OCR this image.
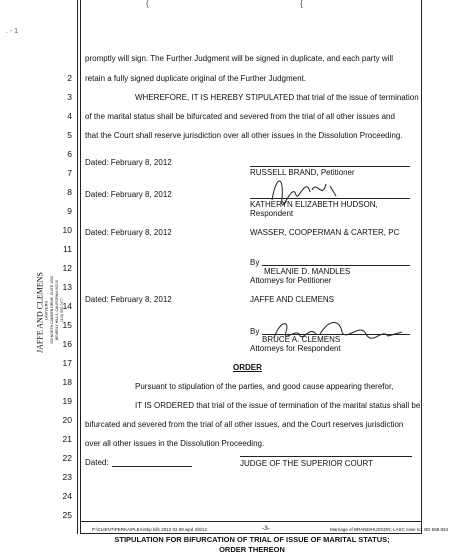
(	{
. - 1
JAFFE AND CLEMENS LAWYERS 433 NORTH CAMDEN DRIVE, SUITE 1000 BEVERLY HILLS, CALIFORNIA 90210 (310) 550-7477
2
3
4
5
6
7
8
9
10
11
12
13
14
15
16
17
18
19
20
21
22
23
24
25
promptly will sign. The Further Judgment will be signed in duplicate, and each party will
retain a fully signed duplicate original of the Further Judgment.
WHEREFORE, IT IS HEREBY STIPULATED that trial of the issue of termination
of the marital status shall be bifurcated and severed from the trial of all other issues and
that the Court shall reserve jurisdiction over all other issues in the Dissolution Proceeding.
Dated: February 8, 2012
RUSSELL BRAND, Petitioner
Dated: February 8, 2012
KATHERYN ELIZABETH HUDSON,
Respondent
Dated: February 8, 2012	WASSER, COOPERMAN & CARTER, PC
By
MELANIE D. MANDLES
Attorneys for Petitioner
Dated: February 8, 2012	JAFFE AND CLEMENS
By
BRUCE A. CLEMENS
Attorneys for Respondent
ORDER
Pursuant to stipulation of the parties, and good cause appearing therefor,
IT IS ORDERED that trial of the issue of termination of the marital status shall be
bifurcated and severed from the trial of all other issues, and the Court reserves jurisdiction
over all other issues in the Dissolution Proceeding.
Dated:	JUDGE OF THE SUPERIOR COURT
P:\CLIENT\PERKA\PLEA\Stip bifc 2012 02.08.wpd 2/8/12	-3-	Marriage of BRAND/HUDSON; LASC case no. BD 558 834
STIPULATION FOR BIFURCATION OF TRIAL OF ISSUE OF MARITAL STATUS;
ORDER THEREON
